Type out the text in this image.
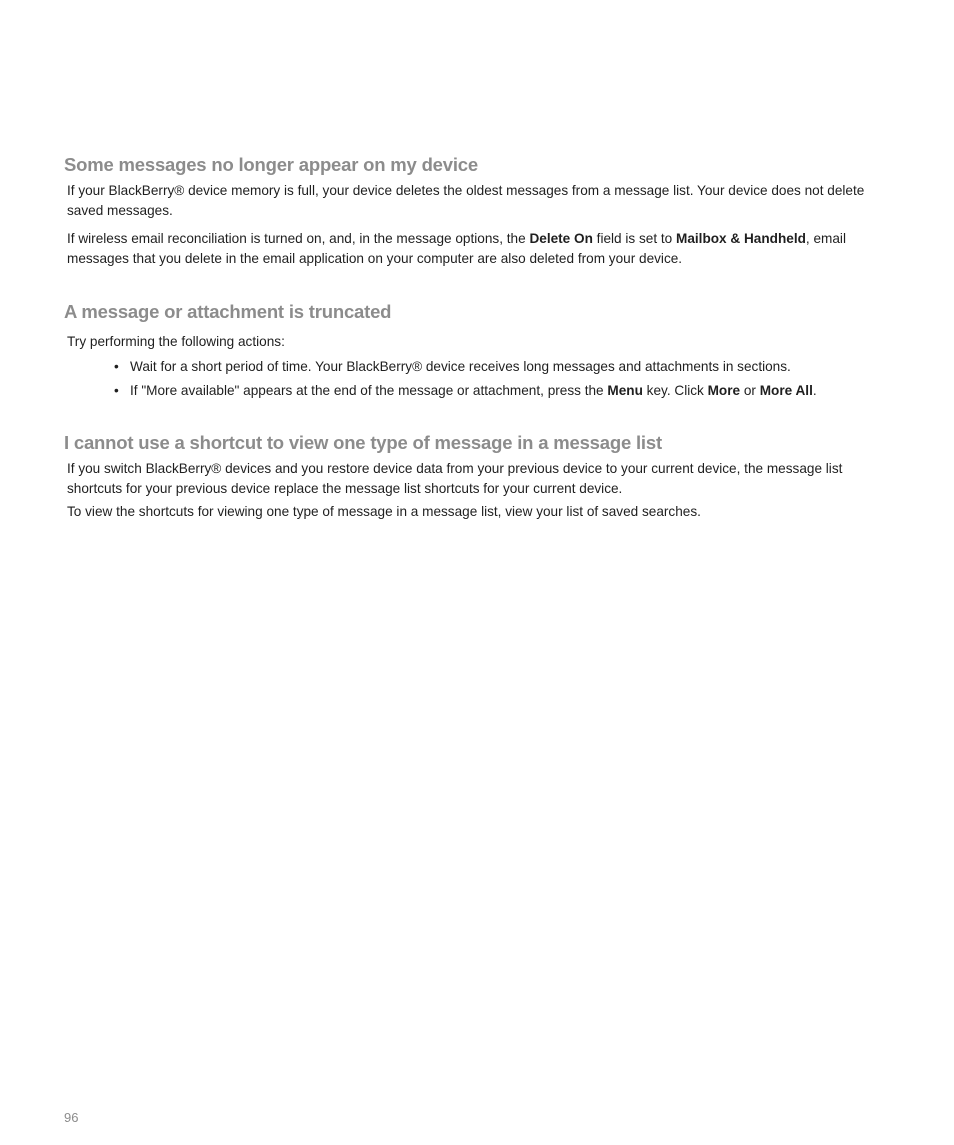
Some messages no longer appear on my device

If your BlackBerry® device memory is full, your device deletes the oldest messages from a message list. Your device does not delete saved messages.

If wireless email reconciliation is turned on, and, in the message options, the Delete On field is set to Mailbox & Handheld, email messages that you delete in the email application on your computer are also deleted from your device.

A message or attachment is truncated

Try performing the following actions:

• Wait for a short period of time. Your BlackBerry® device receives long messages and attachments in sections.
• If "More available" appears at the end of the message or attachment, press the Menu key. Click More or More All.
I cannot use a shortcut to view one type of message in a message list

If you switch BlackBerry® devices and you restore device data from your previous device to your current device, the message list shortcuts for your previous device replace the message list shortcuts for your current device.

To view the shortcuts for viewing one type of message in a message list, view your list of saved searches.

96
